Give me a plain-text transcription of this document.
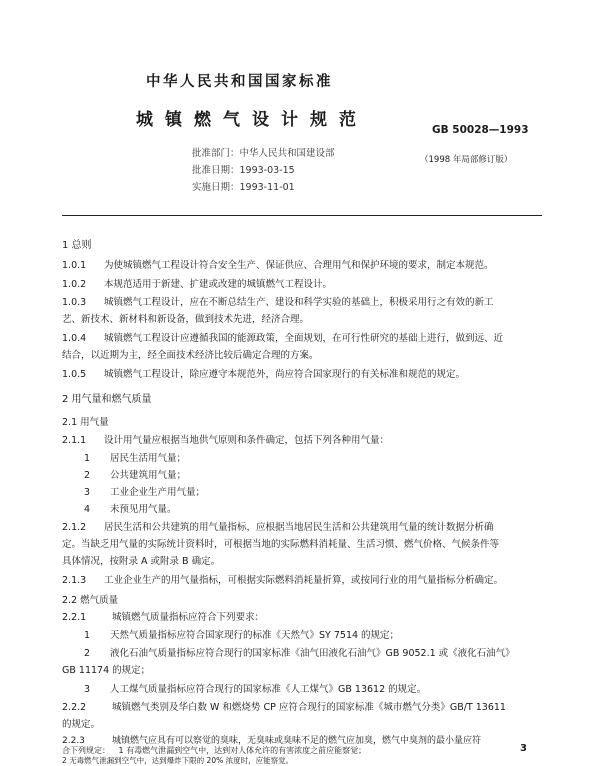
中华人民共和国国家标准
城镇燃气设计规范	GB 50028—1993
批准部门：中华人民共和国建设部
（1998 年局部修订版）
批准日期：1993-03-15
实施日期：1993-11-01
1 总则
1.0.1 为使城镇燃气工程设计符合安全生产、保证供应、合理用气和保护环境的要求，制定本规范。
1.0.2 本规范适用于新建、扩建或改建的城镇燃气工程设计。
1.0.3 城镇燃气工程设计，应在不断总结生产、建设和科学实验的基础上，积极采用行之有效的新工
艺、新技术、新材料和新设备，做到技术先进，经济合理。
1.0.4 城镇燃气工程设计应遵循我国的能源政策，全面规划，在可行性研究的基础上进行，做到远、近
结合，以近期为主，经全面技术经济比较后确定合理的方案。
1.0.5 城镇燃气工程设计，除应遵守本规范外，尚应符合国家现行的有关标准和规范的规定。
2 用气量和燃气质量
2.1 用气量
2.1.1 设计用气量应根据当地供气原则和条件确定，包括下列各种用气量：
1 居民生活用气量；
2 公共建筑用气量；
3 工业企业生产用气量；
4 未预见用气量。
2.1.2 居民生活和公共建筑的用气量指标，应根据当地居民生活和公共建筑用气量的统计数据分析确
定。当缺乏用气量的实际统计资料时，可根据当地的实际燃料消耗量、生活习惯、燃气价格、气候条件等
具体情况，按附录 A 或附录 B 确定。
2.1.3 工业企业生产的用气量指标，可根据实际燃料消耗量折算，或按同行业的用气量指标分析确定。
2.2 燃气质量
2.2.1	城镇燃气质量指标应符合下列要求：
1 天然气质量指标应符合国家现行的标准《天然气》SY 7514 的规定；
2 液化石油气质量指标应符合现行的国家标准《油气田液化石油气》GB 9052.1 或《液化石油气》
GB 11174 的规定；
3 人工煤气质量指标应符合现行的国家标准《人工煤气》GB 13612 的规定。
2.2.2	城镇燃气类别及华白数 W 和燃烧势 CP 应符合现行的国家标准《城市燃气分类》GB/T 13611
的规定。
2.2.3	城镇燃气应具有可以察觉的臭味，无臭味或臭味不足的燃气应加臭，燃气中臭剂的最小量应符
合下列规定： 1 有毒燃气泄漏到空气中，达到对人体允许的有害浓度之前应能察觉；
2 无毒燃气泄漏到空气中，达到爆炸下限的 20% 浓度时，应能察觉。
3
